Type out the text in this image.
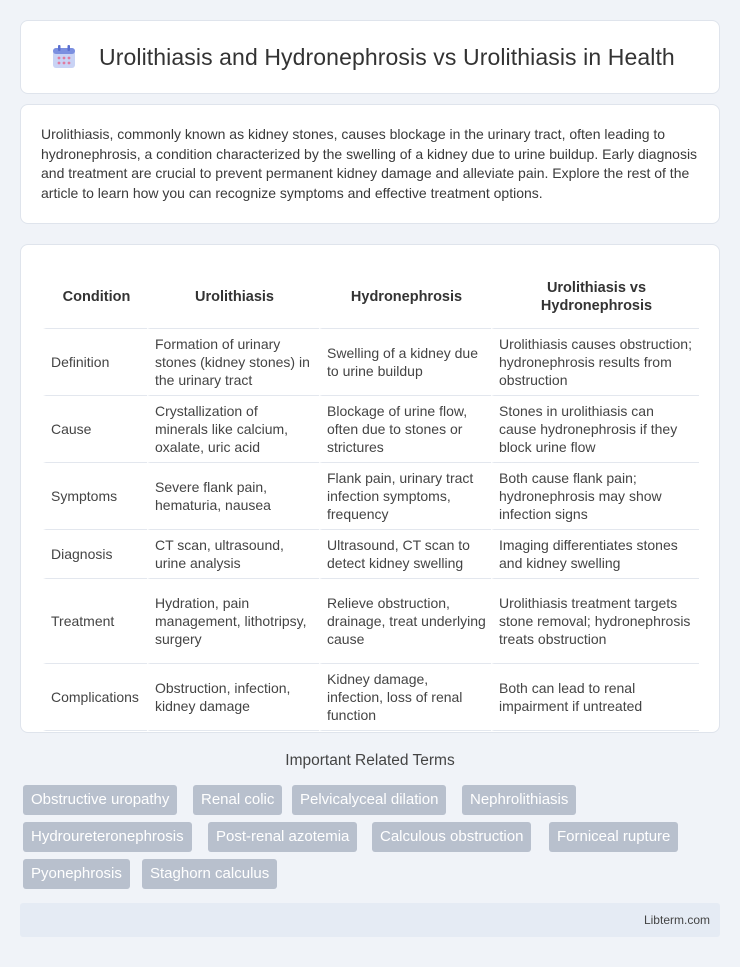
Urolithiasis and Hydronephrosis vs Urolithiasis in Health

Urolithiasis, commonly known as kidney stones, causes blockage in the urinary tract, often leading to hydronephrosis, a condition characterized by the swelling of a kidney due to urine buildup. Early diagnosis and treatment are crucial to prevent permanent kidney damage and alleviate pain. Explore the rest of the article to learn how you can recognize symptoms and effective treatment options.

Condition	Urolithiasis	Hydronephrosis	Urolithiasis vs Hydronephrosis
Definition	Formation of urinary stones (kidney stones) in the urinary tract	Swelling of a kidney due to urine buildup	Urolithiasis causes obstruction; hydronephrosis results from obstruction
Cause	Crystallization of minerals like calcium, oxalate, uric acid	Blockage of urine flow, often due to stones or strictures	Stones in urolithiasis can cause hydronephrosis if they block urine flow
Symptoms	Severe flank pain, hematuria, nausea	Flank pain, urinary tract infection symptoms, frequency	Both cause flank pain; hydronephrosis may show infection signs
Diagnosis	CT scan, ultrasound, urine analysis	Ultrasound, CT scan to detect kidney swelling	Imaging differentiates stones and kidney swelling
Treatment	Hydration, pain management, lithotripsy, surgery	Relieve obstruction, drainage, treat underlying cause	Urolithiasis treatment targets stone removal; hydronephrosis treats obstruction
Complications	Obstruction, infection, kidney damage	Kidney damage, infection, loss of renal function	Both can lead to renal impairment if untreated
Important Related Terms
Obstructive uropathy	Renal colic	Pelvicalyceal dilation	Nephrolithiasis
Hydroureteronephrosis	Post-renal azotemia	Calculous obstruction	Forniceal rupture
Pyonephrosis	Staghorn calculus
Libterm.com
